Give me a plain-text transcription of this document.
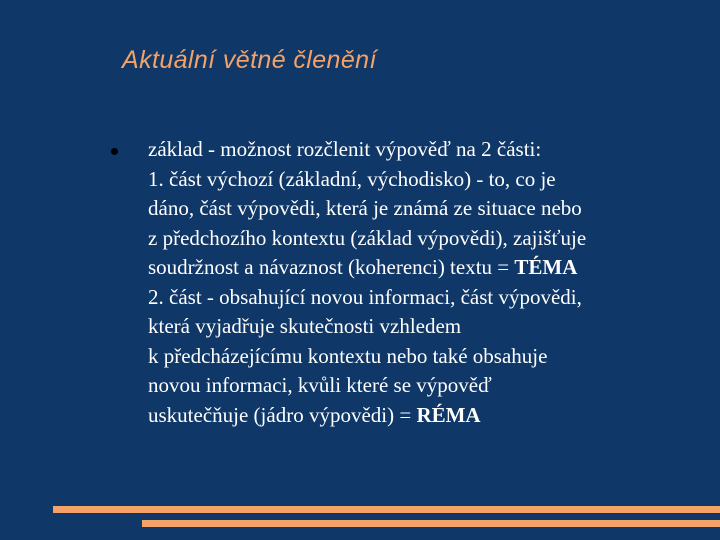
Aktuální větné členění
základ - možnost rozčlenit výpověď na 2 části:
1. část výchozí (základní, východisko) - to, co je
dáno, část výpovědi, která je známá ze situace nebo
z předchozího kontextu (základ výpovědi), zajišťuje
soudržnost a návaznost (koherenci) textu = TÉMA
2. část - obsahující novou informaci, část výpovědi,
která vyjadřuje skutečnosti vzhledem
k předcházejícímu kontextu nebo také obsahuje
novou informaci, kvůli které se výpověď
uskutečňuje (jádro výpovědi) = RÉMA
